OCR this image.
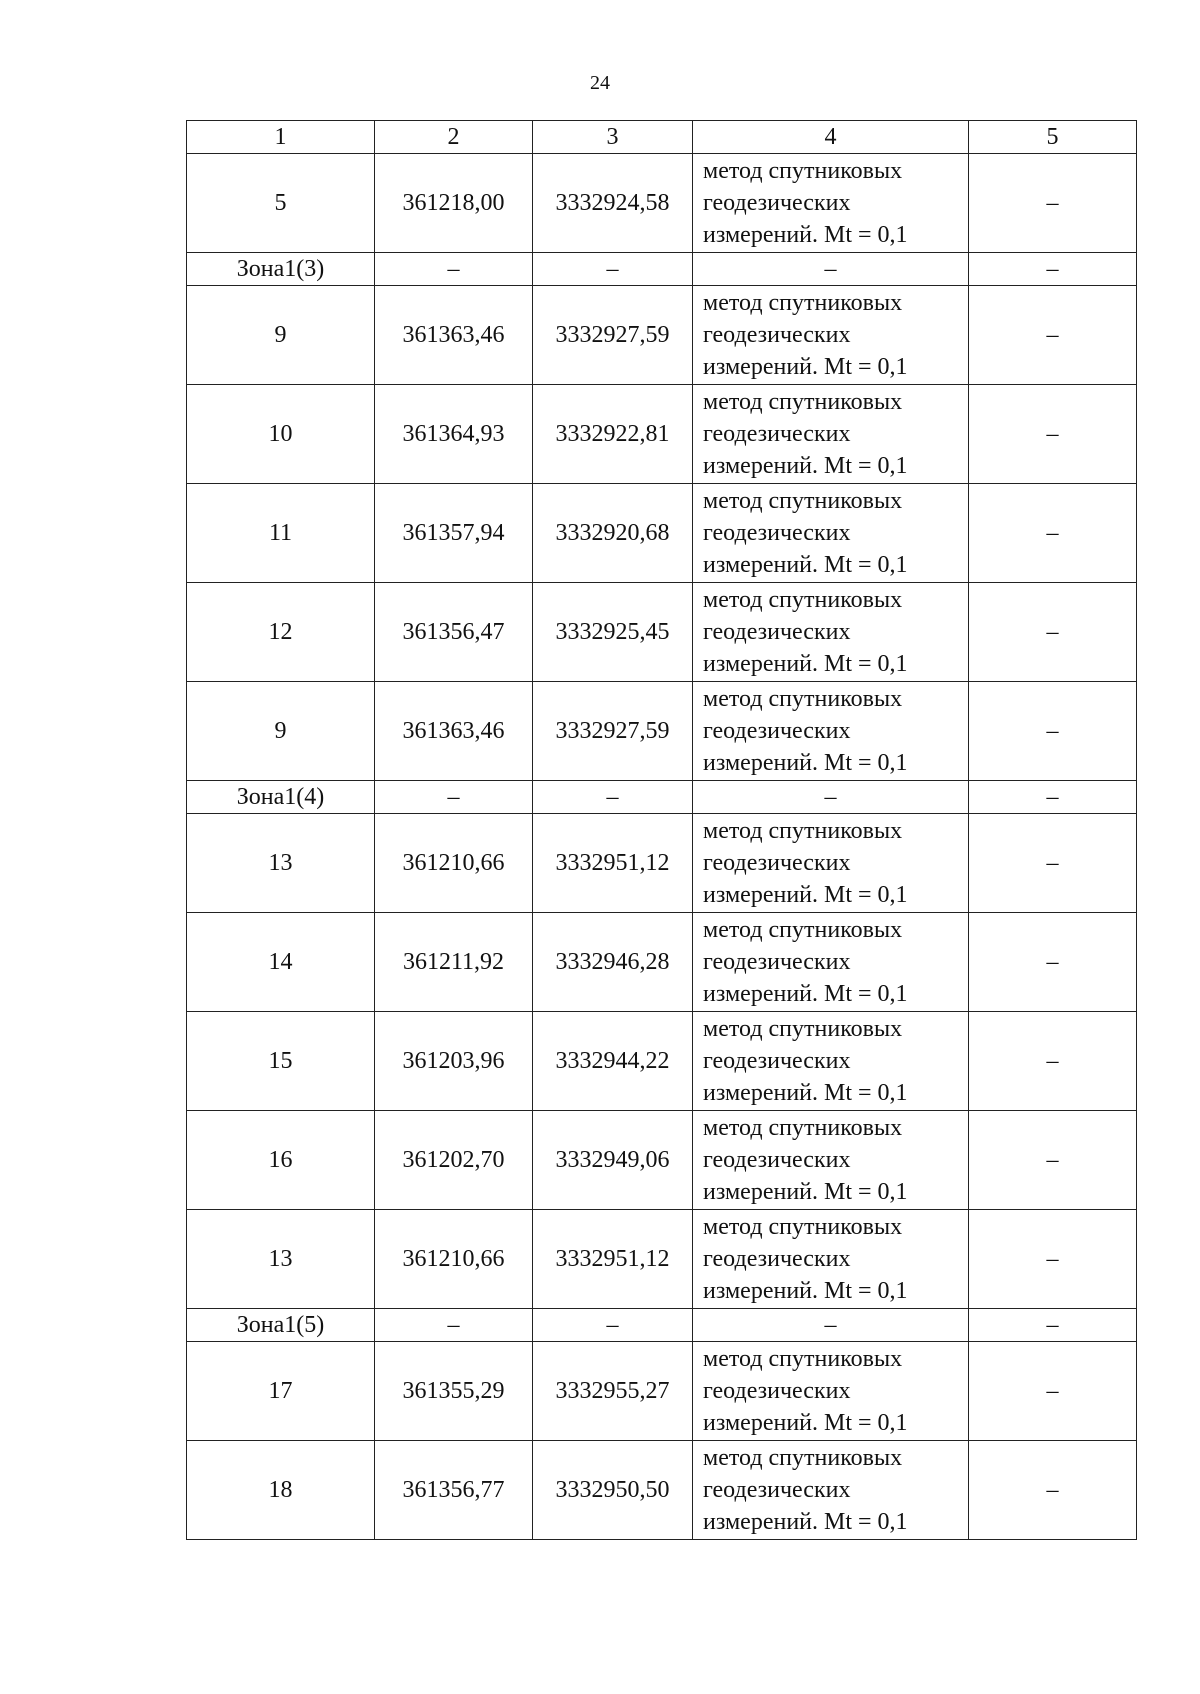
24
1	2	3	4	5
5	361218,00	3332924,58	метод спутниковых
геодезических
измерений. Mt = 0,1	–
Зона1(3)	–	–	–	–
9	361363,46	3332927,59	метод спутниковых
геодезических
измерений. Mt = 0,1	–
10	361364,93	3332922,81	метод спутниковых
геодезических
измерений. Mt = 0,1	–
11	361357,94	3332920,68	метод спутниковых
геодезических
измерений. Mt = 0,1	–
12	361356,47	3332925,45	метод спутниковых
геодезических
измерений. Mt = 0,1	–
9	361363,46	3332927,59	метод спутниковых
геодезических
измерений. Mt = 0,1	–
Зона1(4)	–	–	–	–
13	361210,66	3332951,12	метод спутниковых
геодезических
измерений. Mt = 0,1	–
14	361211,92	3332946,28	метод спутниковых
геодезических
измерений. Mt = 0,1	–
15	361203,96	3332944,22	метод спутниковых
геодезических
измерений. Mt = 0,1	–
16	361202,70	3332949,06	метод спутниковых
геодезических
измерений. Mt = 0,1	–
13	361210,66	3332951,12	метод спутниковых
геодезических
измерений. Mt = 0,1	–
Зона1(5)	–	–	–	–
17	361355,29	3332955,27	метод спутниковых
геодезических
измерений. Mt = 0,1	–
18	361356,77	3332950,50	метод спутниковых
геодезических
измерений. Mt = 0,1	–
